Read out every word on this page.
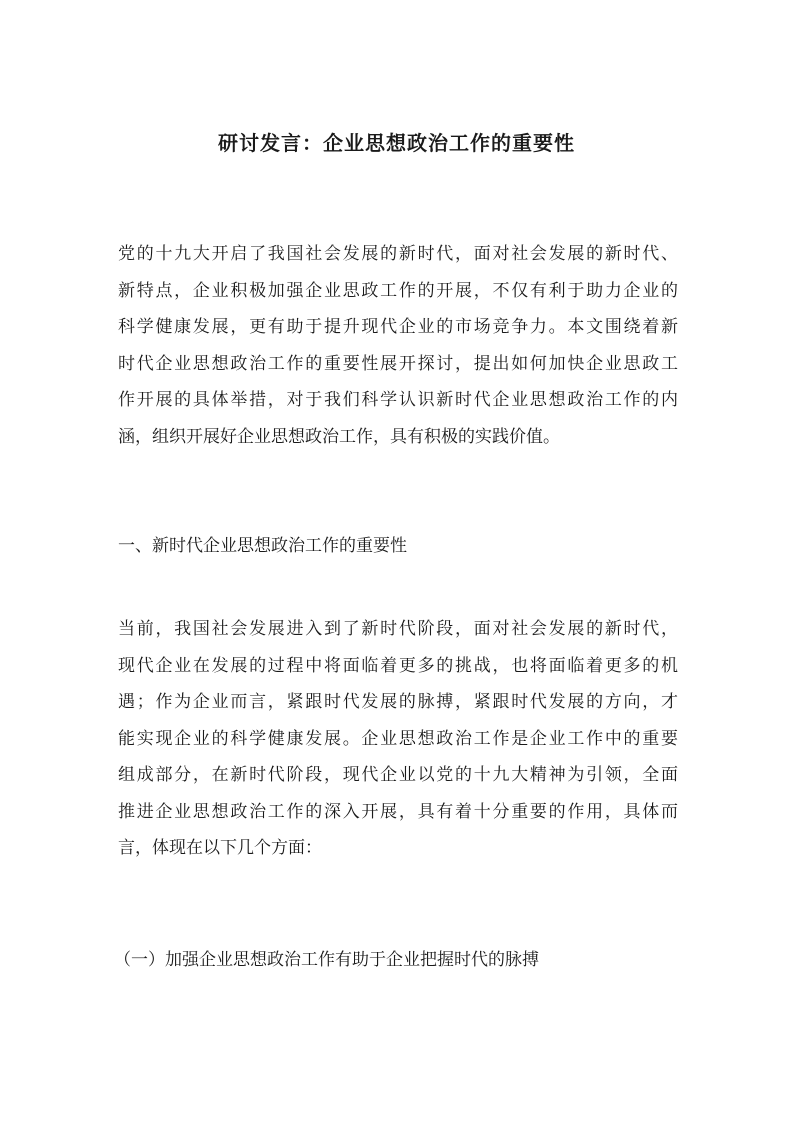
研讨发言：企业思想政治工作的重要性
党的十九大开启了我国社会发展的新时代，面对社会发展的新时代、
新特点，企业积极加强企业思政工作的开展，不仅有利于助力企业的
科学健康发展，更有助于提升现代企业的市场竞争力。本文围绕着新
时代企业思想政治工作的重要性展开探讨，提出如何加快企业思政工
作开展的具体举措，对于我们科学认识新时代企业思想政治工作的内
涵，组织开展好企业思想政治工作，具有积极的实践价值。
一、新时代企业思想政治工作的重要性
当前，我国社会发展进入到了新时代阶段，面对社会发展的新时代，
现代企业在发展的过程中将面临着更多的挑战，也将面临着更多的机
遇；作为企业而言，紧跟时代发展的脉搏，紧跟时代发展的方向，才
能实现企业的科学健康发展。企业思想政治工作是企业工作中的重要
组成部分，在新时代阶段，现代企业以党的十九大精神为引领，全面
推进企业思想政治工作的深入开展，具有着十分重要的作用，具体而
言，体现在以下几个方面：
（一）加强企业思想政治工作有助于企业把握时代的脉搏
